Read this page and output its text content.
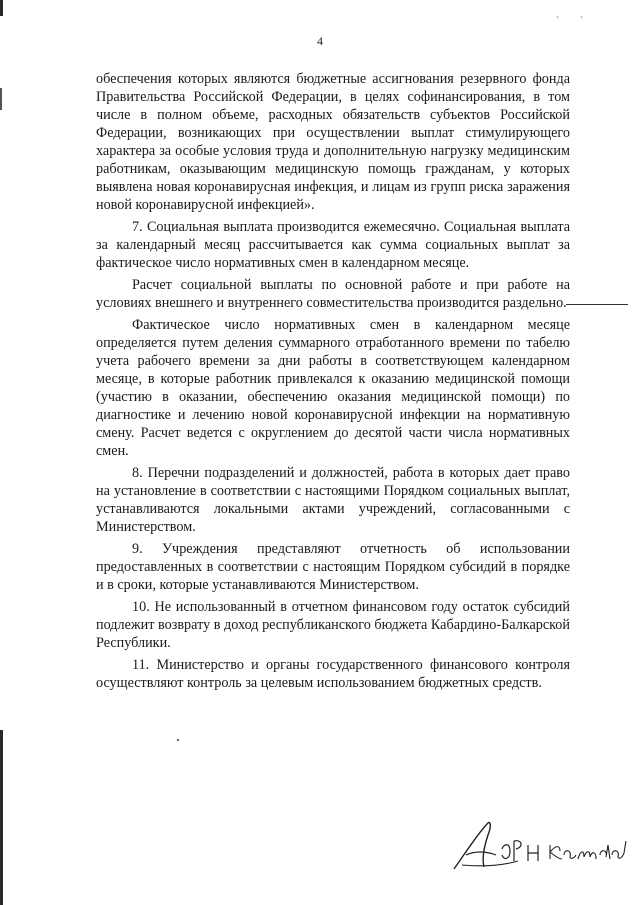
ˏ ˎ
4

обеспечения которых являются бюджетные ассигнования резервного фонда Правительства Российской Федерации, в целях софинансирования, в том числе в полном объеме, расходных обязательств субъектов Российской Федерации, возникающих при осуществлении выплат стимулирующего характера за особые условия труда и дополнительную нагрузку медицинским работникам, оказывающим медицинскую помощь гражданам, у которых выявлена новая коронавирусная инфекция, и лицам из групп риска заражения новой коронавирусной инфекцией».

7. Социальная выплата производится ежемесячно. Социальная выплата за календарный месяц рассчитывается как сумма социальных выплат за фактическое число нормативных смен в календарном месяце.

Расчет социальной выплаты по основной работе и при работе на условиях внешнего и внутреннего совместительства производится раздельно.

Фактическое число нормативных смен в календарном месяце определяется путем деления суммарного отработанного времени по табелю учета рабочего времени за дни работы в соответствующем календарном месяце, в которые работник привлекался к оказанию медицинской помощи (участию в оказании, обеспечению оказания медицинской помощи) по диагностике и лечению новой коронавирусной инфекции на нормативную смену. Расчет ведется с округлением до десятой части числа нормативных смен.

8. Перечни подразделений и должностей, работа в которых дает право на установление в соответствии с настоящими Порядком социальных выплат, устанавливаются локальными актами учреждений, согласованными с Министерством.

9. Учреждения представляют отчетность об использовании предоставленных в соответствии с настоящим Порядком субсидий в порядке и в сроки, которые устанавливаются Министерством.

10. Не использованный в отчетном финансовом году остаток субсидий подлежит возврату в доход республиканского бюджета Кабардино-Балкарской Республики.

11. Министерство и органы государственного финансового контроля осуществляют контроль за целевым использованием бюджетных средств.
